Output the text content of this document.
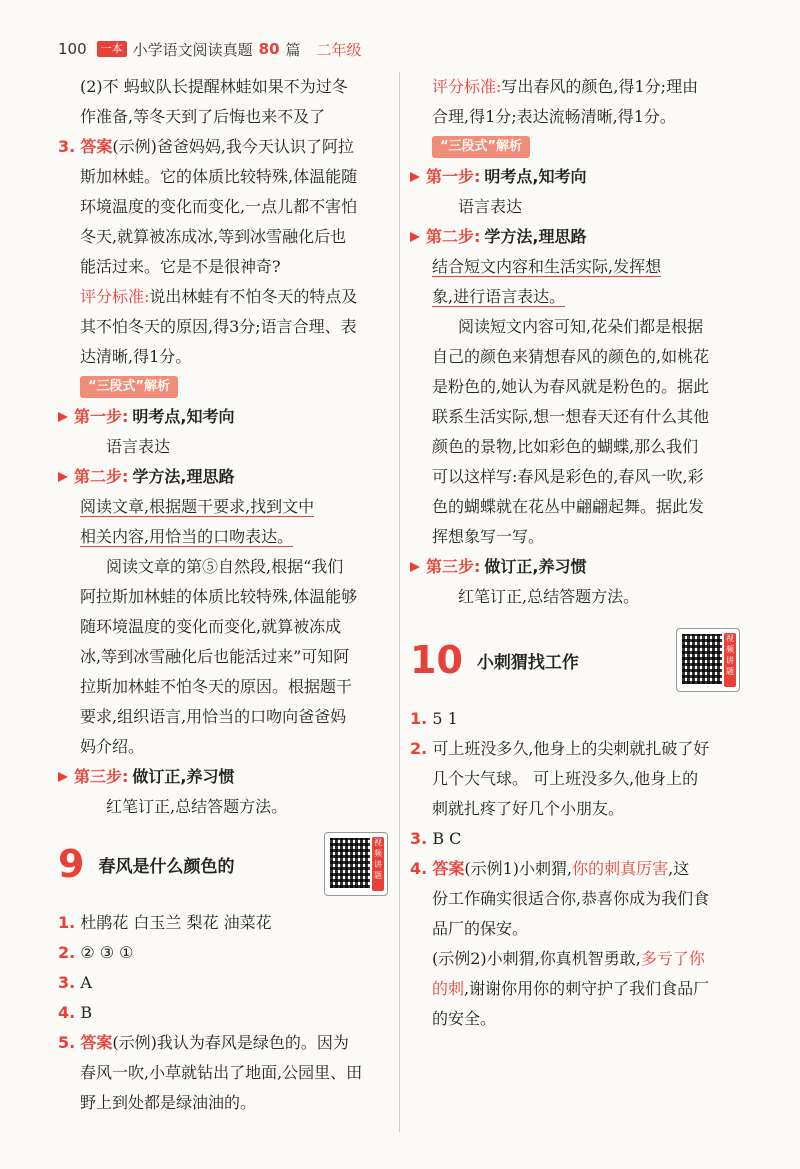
100	一本 小学语文阅读真题 80 篇 二年级
(2)不 蚂蚁队长提醒林蛙如果不为过冬
作准备,等冬天到了后悔也来不及了
3. 答案(示例)爸爸妈妈,我今天认识了阿拉
斯加林蛙。它的体质比较特殊,体温能随
环境温度的变化而变化,一点儿都不害怕
冬天,就算被冻成冰,等到冰雪融化后也
能活过来。它是不是很神奇?
评分标准:说出林蛙有不怕冬天的特点及
其不怕冬天的原因,得3分;语言合理、表
达清晰,得1分。
“三段式”解析
第一步: 明考点,知考向
语言表达
第二步: 学方法,理思路
阅读文章,根据题干要求,找到文中
相关内容,用恰当的口吻表达。
阅读文章的第⑤自然段,根据“我们
阿拉斯加林蛙的体质比较特殊,体温能够
随环境温度的变化而变化,就算被冻成
冰,等到冰雪融化后也能活过来”可知阿
拉斯加林蛙不怕冬天的原因。根据题干
要求,组织语言,用恰当的口吻向爸爸妈
妈介绍。
第三步: 做订正,养习惯
红笔订正,总结答题方法。
9 春风是什么颜色的
视频讲题
1. 杜鹃花 白玉兰 梨花 油菜花
2. ② ③ ①
3. A
4. B
5. 答案(示例)我认为春风是绿色的。因为
春风一吹,小草就钻出了地面,公园里、田
野上到处都是绿油油的。
评分标准:写出春风的颜色,得1分;理由
合理,得1分;表达流畅清晰,得1分。
“三段式”解析
第一步: 明考点,知考向
语言表达
第二步: 学方法,理思路
结合短文内容和生活实际,发挥想
象,进行语言表达。
阅读短文内容可知,花朵们都是根据
自己的颜色来猜想春风的颜色的,如桃花
是粉色的,她认为春风就是粉色的。据此
联系生活实际,想一想春天还有什么其他
颜色的景物,比如彩色的蝴蝶,那么我们
可以这样写:春风是彩色的,春风一吹,彩
色的蝴蝶就在花丛中翩翩起舞。据此发
挥想象写一写。
第三步: 做订正,养习惯
红笔订正,总结答题方法。
10 小刺猬找工作
视频讲题
1. 5 1
2. 可上班没多久,他身上的尖刺就扎破了好
几个大气球。 可上班没多久,他身上的
刺就扎疼了好几个小朋友。
3. B C
4. 答案(示例1)小刺猬,你的刺真厉害,这
份工作确实很适合你,恭喜你成为我们食
品厂的保安。
(示例2)小刺猬,你真机智勇敢,多亏了你
的刺,谢谢你用你的刺守护了我们食品厂
的安全。
